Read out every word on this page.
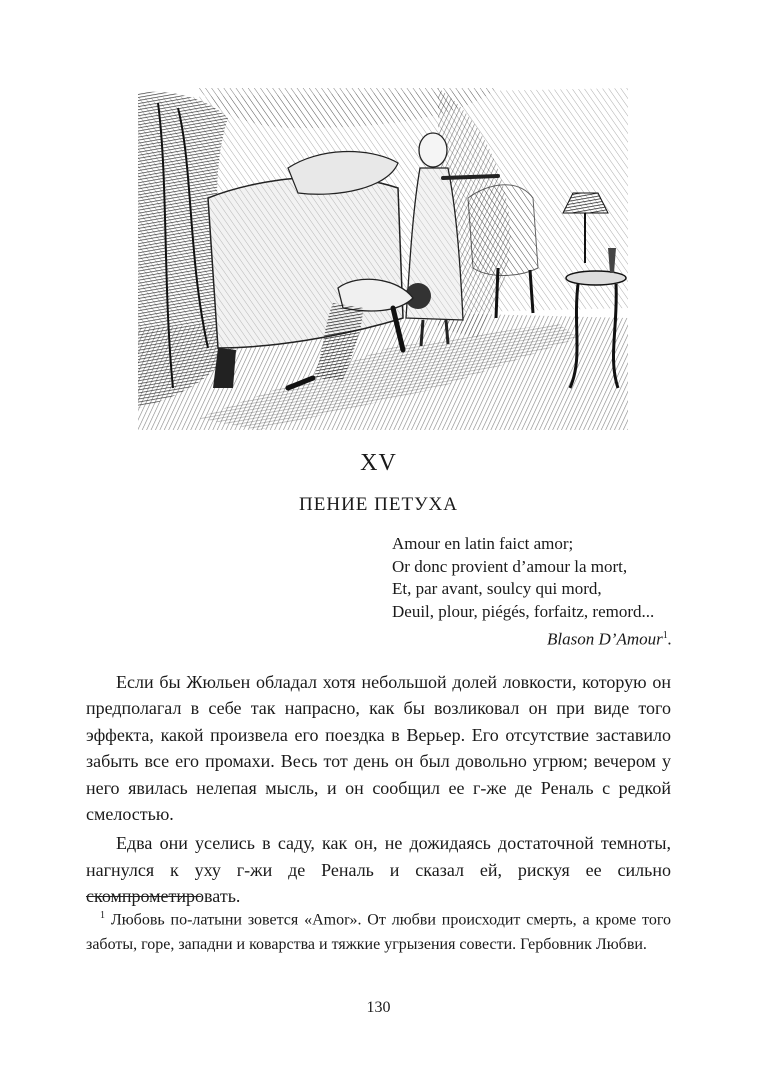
XV
ПЕНИЕ ПЕТУХА
Amour en latin faict amor;
Or donc provient d’amour la mort,
Et, par avant, soulcy qui mord,
Deuil, plour, piégés, forfaitz, remord...
Blason D’Amour$^1$.

Если бы Жюльен обладал хотя небольшой долей ловкости, которую он предполагал в себе так напрасно, как бы возликовал он при виде того эффекта, какой произвела его поездка в Верьер. Его отсутствие заставило забыть все его промахи. Весь тот день он был довольно угрюм; вечером у него явилась нелепая мысль, и он сообщил ее г-же де Реналь с редкой смелостью.

Едва они уселись в саду, как он, не дожидаясь достаточной темноты, нагнулся к уху г-жи де Реналь и сказал ей, рискуя ее сильно скомпрометировать.

$^1$ Любовь по-латыни зовется «Amor». От любви происходит смерть, а кроме того заботы, горе, западни и коварства и тяжкие угрызения совести. Гербовник Любви.
130
